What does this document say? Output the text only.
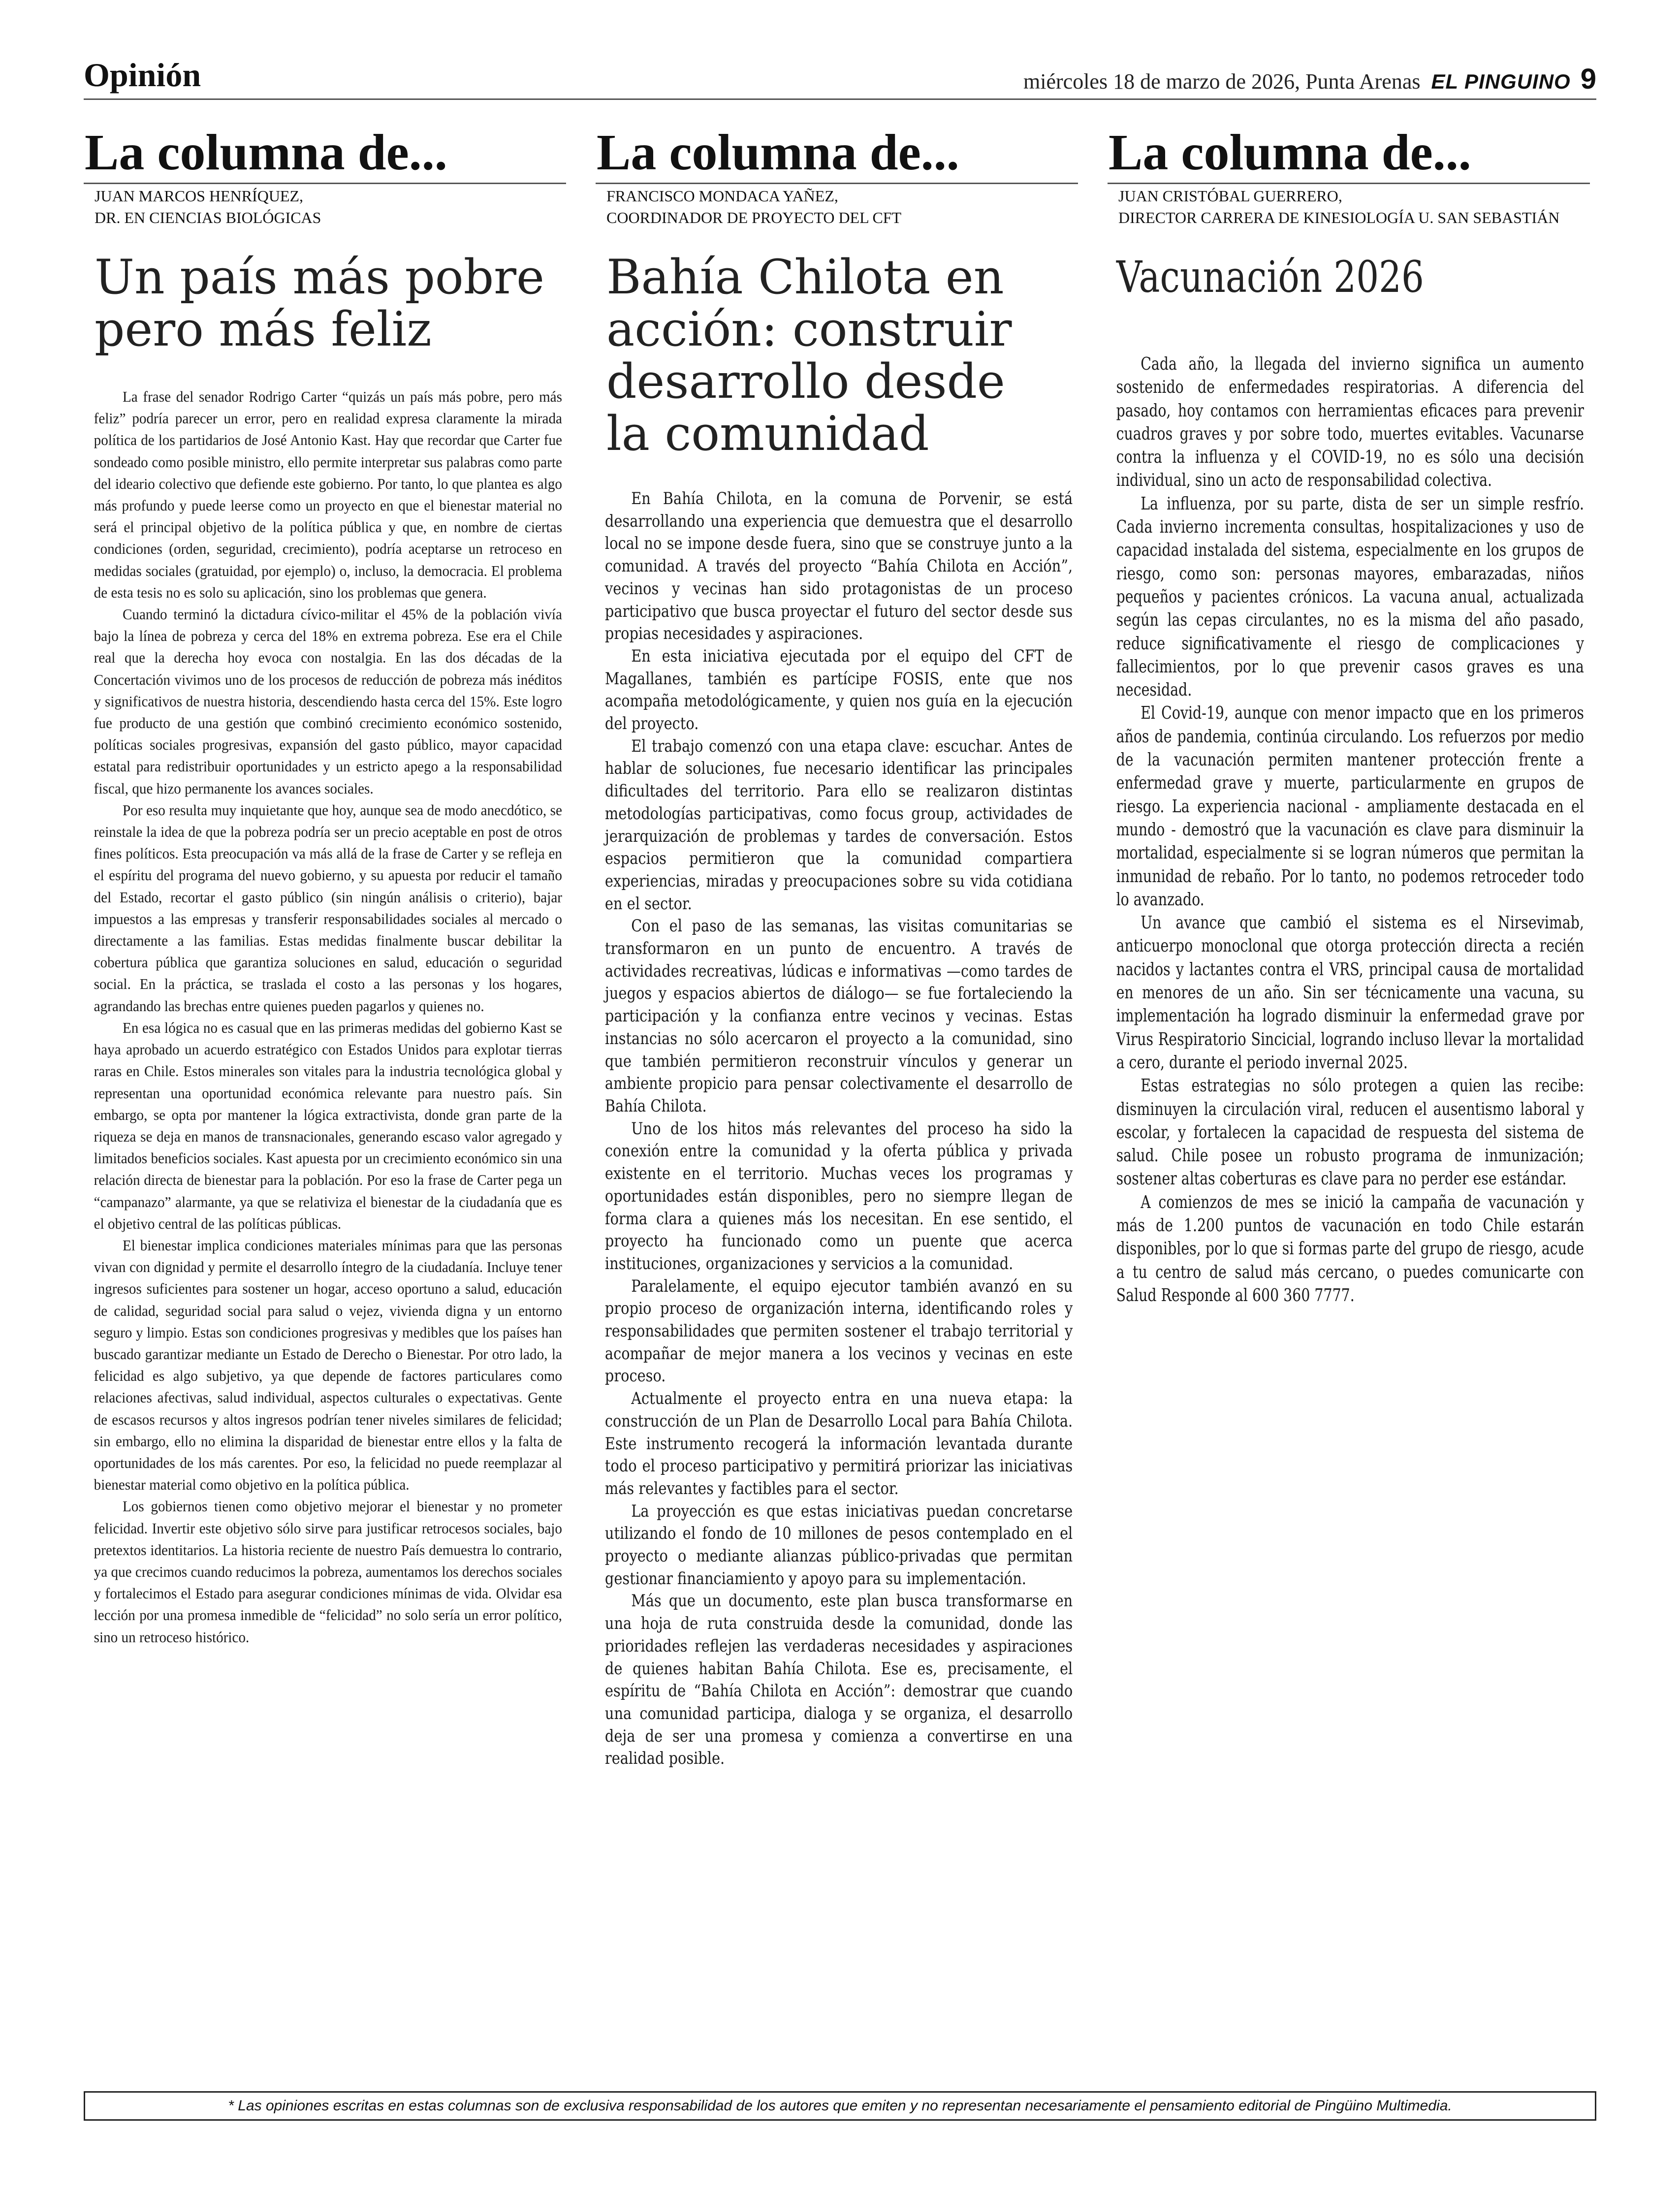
Opinión	miércoles 18 de marzo de 2026, Punta Arenas EL PINGUINO 9
La columna de...
JUAN MARCOS HENRÍQUEZ,
DR. EN CIENCIAS BIOLÓGICAS
Un país más pobre
pero más feliz

La frase del senador Rodrigo Carter “quizás un país más pobre, pero más feliz” podría parecer un error, pero en realidad expresa claramente la mirada política de los partidarios de José Antonio Kast. Hay que recordar que Carter fue sondeado como posible ministro, ello permite interpretar sus palabras como parte del ideario colectivo que defiende este gobierno. Por tanto, lo que plantea es algo más profundo y puede leerse como un proyecto en que el bienestar material no será el principal objetivo de la política pública y que, en nombre de ciertas condiciones (orden, seguridad, crecimiento), podría aceptarse un retroceso en medidas sociales (gratuidad, por ejemplo) o, incluso, la democracia. El problema de esta tesis no es solo su aplicación, sino los problemas que genera.

Cuando terminó la dictadura cívico-militar el 45% de la población vivía bajo la línea de pobreza y cerca del 18% en extrema pobreza. Ese era el Chile real que la derecha hoy evoca con nostalgia. En las dos décadas de la Concertación vivimos uno de los procesos de reducción de pobreza más inéditos y significativos de nuestra historia, descendiendo hasta cerca del 15%. Este logro fue producto de una gestión que combinó crecimiento económico sostenido, políticas sociales progresivas, expansión del gasto público, mayor capacidad estatal para redistribuir oportunidades y un estricto apego a la responsabilidad fiscal, que hizo permanente los avances sociales.

Por eso resulta muy inquietante que hoy, aunque sea de modo anecdótico, se reinstale la idea de que la pobreza podría ser un precio aceptable en post de otros fines políticos. Esta preocupación va más allá de la frase de Carter y se refleja en el espíritu del programa del nuevo gobierno, y su apuesta por reducir el tamaño del Estado, recortar el gasto público (sin ningún análisis o criterio), bajar impuestos a las empresas y transferir responsabilidades sociales al mercado o directamente a las familias. Estas medidas finalmente buscar debilitar la cobertura pública que garantiza soluciones en salud, educación o seguridad social. En la práctica, se traslada el costo a las personas y los hogares, agrandando las brechas entre quienes pueden pagarlos y quienes no.

En esa lógica no es casual que en las primeras medidas del gobierno Kast se haya aprobado un acuerdo estratégico con Estados Unidos para explotar tierras raras en Chile. Estos minerales son vitales para la industria tecnológica global y representan una oportunidad económica relevante para nuestro país. Sin embargo, se opta por mantener la lógica extractivista, donde gran parte de la riqueza se deja en manos de transnacionales, generando escaso valor agregado y limitados beneficios sociales. Kast apuesta por un crecimiento económico sin una relación directa de bienestar para la población. Por eso la frase de Carter pega un “campanazo” alarmante, ya que se relativiza el bienestar de la ciudadanía que es el objetivo central de las políticas públicas.

El bienestar implica condiciones materiales mínimas para que las personas vivan con dignidad y permite el desarrollo íntegro de la ciudadanía. Incluye tener ingresos suficientes para sostener un hogar, acceso oportuno a salud, educación de calidad, seguridad social para salud o vejez, vivienda digna y un entorno seguro y limpio. Estas son condiciones progresivas y medibles que los países han buscado garantizar mediante un Estado de Derecho o Bienestar. Por otro lado, la felicidad es algo subjetivo, ya que depende de factores particulares como relaciones afectivas, salud individual, aspectos culturales o expectativas. Gente de escasos recursos y altos ingresos podrían tener niveles similares de felicidad; sin embargo, ello no elimina la disparidad de bienestar entre ellos y la falta de oportunidades de los más carentes. Por eso, la felicidad no puede reemplazar al bienestar material como objetivo en la política pública.

Los gobiernos tienen como objetivo mejorar el bienestar y no prometer felicidad. Invertir este objetivo sólo sirve para justificar retrocesos sociales, bajo pretextos identitarios. La historia reciente de nuestro País demuestra lo contrario, ya que crecimos cuando reducimos la pobreza, aumentamos los derechos sociales y fortalecimos el Estado para asegurar condiciones mínimas de vida. Olvidar esa lección por una promesa inmedible de “felicidad” no solo sería un error político, sino un retroceso histórico.

La columna de...
FRANCISCO MONDACA YAÑEZ,
COORDINADOR DE PROYECTO DEL CFT
Bahía Chilota en
acción: construir
desarrollo desde
la comunidad

En Bahía Chilota, en la comuna de Porvenir, se está desarrollando una experiencia que demuestra que el desarrollo local no se impone desde fuera, sino que se construye junto a la comunidad. A través del proyecto “Bahía Chilota en Acción”, vecinos y vecinas han sido protagonistas de un proceso participativo que busca proyectar el futuro del sector desde sus propias necesidades y aspiraciones.

En esta iniciativa ejecutada por el equipo del CFT de Magallanes, también es partícipe FOSIS, ente que nos acompaña metodológicamente, y quien nos guía en la ejecución del proyecto.

El trabajo comenzó con una etapa clave: escuchar. Antes de hablar de soluciones, fue necesario identificar las principales dificultades del territorio. Para ello se realizaron distintas metodologías participativas, como focus group, actividades de jerarquización de problemas y tardes de conversación. Estos espacios permitieron que la comunidad compartiera experiencias, miradas y preocupaciones sobre su vida cotidiana en el sector.

Con el paso de las semanas, las visitas comunitarias se transformaron en un punto de encuentro. A través de actividades recreativas, lúdicas e informativas —como tardes de juegos y espacios abiertos de diálogo— se fue fortaleciendo la participación y la confianza entre vecinos y vecinas. Estas instancias no sólo acercaron el proyecto a la comunidad, sino que también permitieron reconstruir vínculos y generar un ambiente propicio para pensar colectivamente el desarrollo de Bahía Chilota.

Uno de los hitos más relevantes del proceso ha sido la conexión entre la comunidad y la oferta pública y privada existente en el territorio. Muchas veces los programas y oportunidades están disponibles, pero no siempre llegan de forma clara a quienes más los necesitan. En ese sentido, el proyecto ha funcionado como un puente que acerca instituciones, organizaciones y servicios a la comunidad.

Paralelamente, el equipo ejecutor también avanzó en su propio proceso de organización interna, identificando roles y responsabilidades que permiten sostener el trabajo territorial y acompañar de mejor manera a los vecinos y vecinas en este proceso.

Actualmente el proyecto entra en una nueva etapa: la construcción de un Plan de Desarrollo Local para Bahía Chilota. Este instrumento recogerá la información levantada durante todo el proceso participativo y permitirá priorizar las iniciativas más relevantes y factibles para el sector.

La proyección es que estas iniciativas puedan concretarse utilizando el fondo de 10 millones de pesos contemplado en el proyecto o mediante alianzas público-privadas que permitan gestionar financiamiento y apoyo para su implementación.

Más que un documento, este plan busca transformarse en una hoja de ruta construida desde la comunidad, donde las prioridades reflejen las verdaderas necesidades y aspiraciones de quienes habitan Bahía Chilota. Ese es, precisamente, el espíritu de “Bahía Chilota en Acción”: demostrar que cuando una comunidad participa, dialoga y se organiza, el desarrollo deja de ser una promesa y comienza a convertirse en una realidad posible.

La columna de...
JUAN CRISTÓBAL GUERRERO,
DIRECTOR CARRERA DE KINESIOLOGÍA U. SAN SEBASTIÁN
Vacunación 2026

Cada año, la llegada del invierno significa un aumento sostenido de enfermedades respiratorias. A diferencia del pasado, hoy contamos con herramientas eficaces para prevenir cuadros graves y por sobre todo, muertes evitables. Vacunarse contra la influenza y el COVID-19, no es sólo una decisión individual, sino un acto de responsabilidad colectiva.

La influenza, por su parte, dista de ser un simple resfrío. Cada invierno incrementa consultas, hospitalizaciones y uso de capacidad instalada del sistema, especialmente en los grupos de riesgo, como son: personas mayores, embarazadas, niños pequeños y pacientes crónicos. La vacuna anual, actualizada según las cepas circulantes, no es la misma del año pasado, reduce significativamente el riesgo de complicaciones y fallecimientos, por lo que prevenir casos graves es una necesidad.

El Covid-19, aunque con menor impacto que en los primeros años de pandemia, continúa circulando. Los refuerzos por medio de la vacunación permiten mantener protección frente a enfermedad grave y muerte, particularmente en grupos de riesgo. La experiencia nacional - ampliamente destacada en el mundo - demostró que la vacunación es clave para disminuir la mortalidad, especialmente si se logran números que permitan la inmunidad de rebaño. Por lo tanto, no podemos retroceder todo lo avanzado.

Un avance que cambió el sistema es el Nirsevimab, anticuerpo monoclonal que otorga protección directa a recién nacidos y lactantes contra el VRS, principal causa de mortalidad en menores de un año. Sin ser técnicamente una vacuna, su implementación ha logrado disminuir la enfermedad grave por Virus Respiratorio Sincicial, logrando incluso llevar la mortalidad a cero, durante el periodo invernal 2025.

Estas estrategias no sólo protegen a quien las recibe: disminuyen la circulación viral, reducen el ausentismo laboral y escolar, y fortalecen la capacidad de respuesta del sistema de salud. Chile posee un robusto programa de inmunización; sostener altas coberturas es clave para no perder ese estándar.

A comienzos de mes se inició la campaña de vacunación y más de 1.200 puntos de vacunación en todo Chile estarán disponibles, por lo que si formas parte del grupo de riesgo, acude a tu centro de salud más cercano, o puedes comunicarte con Salud Responde al 600 360 7777.

* Las opiniones escritas en estas columnas son de exclusiva responsabilidad de los autores que emiten y no representan necesariamente el pensamiento editorial de Pingüino Multimedia.
